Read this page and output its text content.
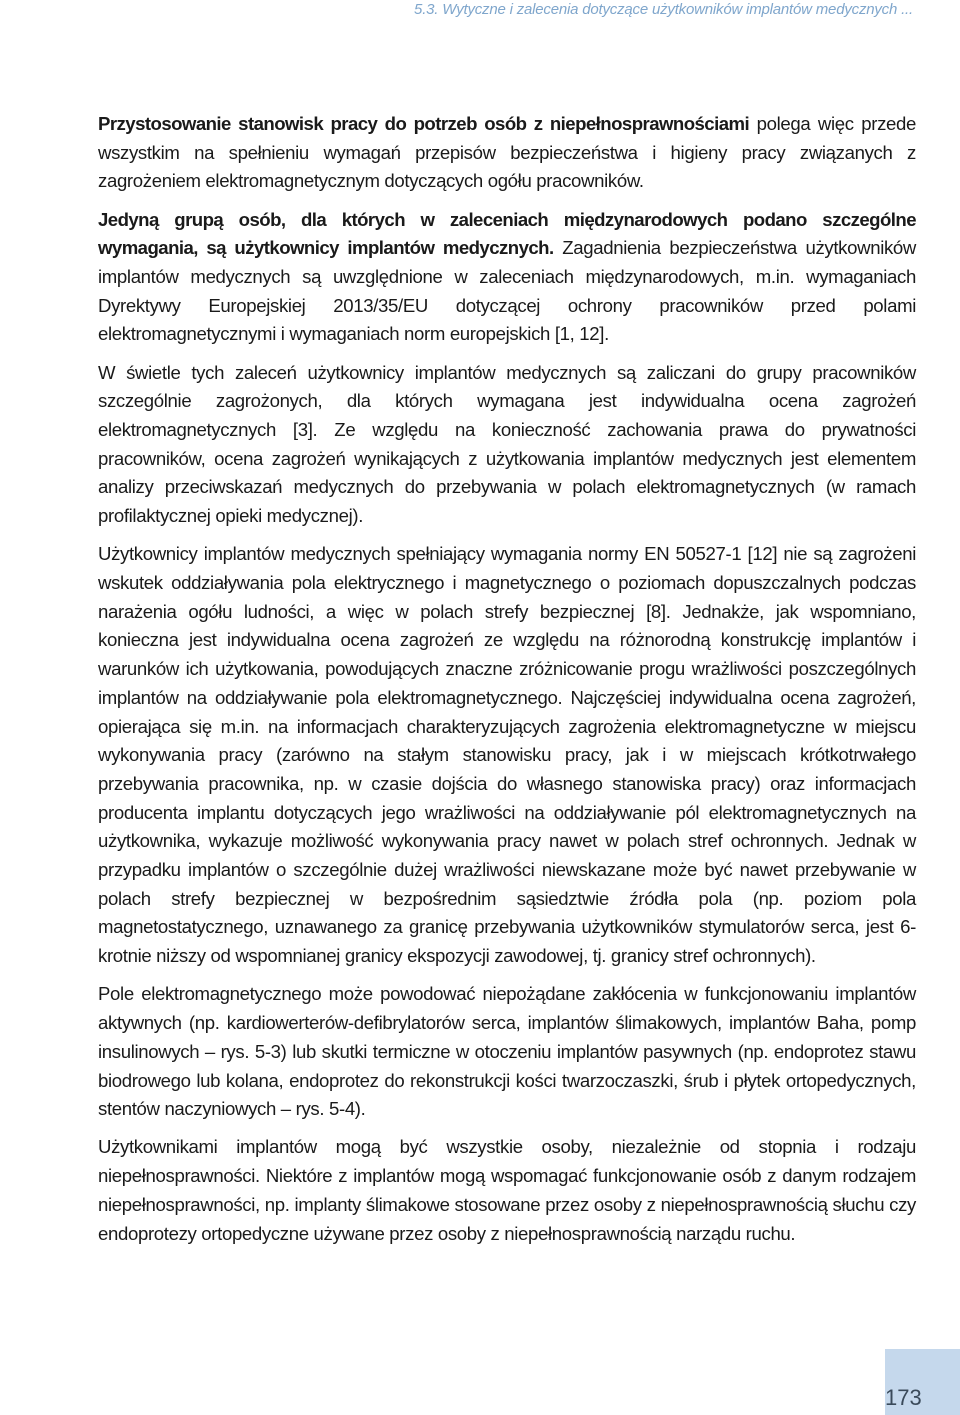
5.3. Wytyczne i zalecenia dotyczące użytkowników implantów medycznych ...

Przystosowanie stanowisk pracy do potrzeb osób z niepełnosprawnościami polega więc przede wszystkim na spełnieniu wymagań przepisów bezpieczeństwa i higieny pracy związanych z zagrożeniem elektromagnetycznym dotyczących ogółu pracowników.

Jedyną grupą osób, dla których w zaleceniach międzynarodowych podano szczególne wymagania, są użytkownicy implantów medycznych. Zagadnienia bezpieczeństwa użytkowników implantów medycznych są uwzględnione w zaleceniach międzynarodowych, m.in. wymaganiach Dyrektywy Europejskiej 2013/35/EU dotyczącej ochrony pracowników przed polami elektromagnetycznymi i wymaganiach norm europejskich [1, 12].

W świetle tych zaleceń użytkownicy implantów medycznych są zaliczani do grupy pracowników szczególnie zagrożonych, dla których wymagana jest indywidualna ocena zagrożeń elektromagnetycznych [3]. Ze względu na konieczność zachowania prawa do prywatności pracowników, ocena zagrożeń wynikających z użytkowania implantów medycznych jest elementem analizy przeciwskazań medycznych do przebywania w polach elektromagnetycznych (w ramach profilaktycznej opieki medycznej).

Użytkownicy implantów medycznych spełniający wymagania normy EN 50527-1 [12] nie są zagrożeni wskutek oddziaływania pola elektrycznego i magnetycznego o poziomach dopuszczalnych podczas narażenia ogółu ludności, a więc w polach strefy bezpiecznej [8]. Jednakże, jak wspomniano, konieczna jest indywidualna ocena zagrożeń ze względu na różnorodną konstrukcję implantów i warunków ich użytkowania, powodujących znaczne zróżnicowanie progu wrażliwości poszczególnych implantów na oddziaływanie pola elektromagnetycznego. Najczęściej indywidualna ocena zagrożeń, opierająca się m.in. na informacjach charakteryzujących zagrożenia elektromagnetyczne w miejscu wykonywania pracy (zarówno na stałym stanowisku pracy, jak i w miejscach krótkotrwałego przebywania pracownika, np. w czasie dojścia do własnego stanowiska pracy) oraz informacjach producenta implantu dotyczących jego wrażliwości na oddziaływanie pól elektromagnetycznych na użytkownika, wykazuje możliwość wykonywania pracy nawet w polach stref ochronnych. Jednak w przypadku implantów o szczególnie dużej wrażliwości niewskazane może być nawet przebywanie w polach strefy bezpiecznej w bezpośrednim sąsiedztwie źródła pola (np. poziom pola magnetostatycznego, uznawanego za granicę przebywania użytkowników stymulatorów serca, jest 6-krotnie niższy od wspomnianej granicy ekspozycji zawodowej, tj. granicy stref ochronnych).

Pole elektromagnetycznego może powodować niepożądane zakłócenia w funkcjonowaniu implantów aktywnych (np. kardiowerterów-defibrylatorów serca, implantów ślimakowych, implantów Baha, pomp insulinowych – rys. 5-3) lub skutki termiczne w otoczeniu implantów pasywnych (np. endoprotez stawu biodrowego lub kolana, endoprotez do rekonstrukcji kości twarzoczaszki, śrub i płytek ortopedycznych, stentów naczyniowych – rys. 5-4).

Użytkownikami implantów mogą być wszystkie osoby, niezależnie od stopnia i rodzaju niepełnosprawności. Niektóre z implantów mogą wspomagać funkcjonowanie osób z danym rodzajem niepełnosprawności, np. implanty ślimakowe stosowane przez osoby z niepełnosprawnością słuchu czy endoprotezy ortopedyczne używane przez osoby z niepełnosprawnością narządu ruchu.

173
